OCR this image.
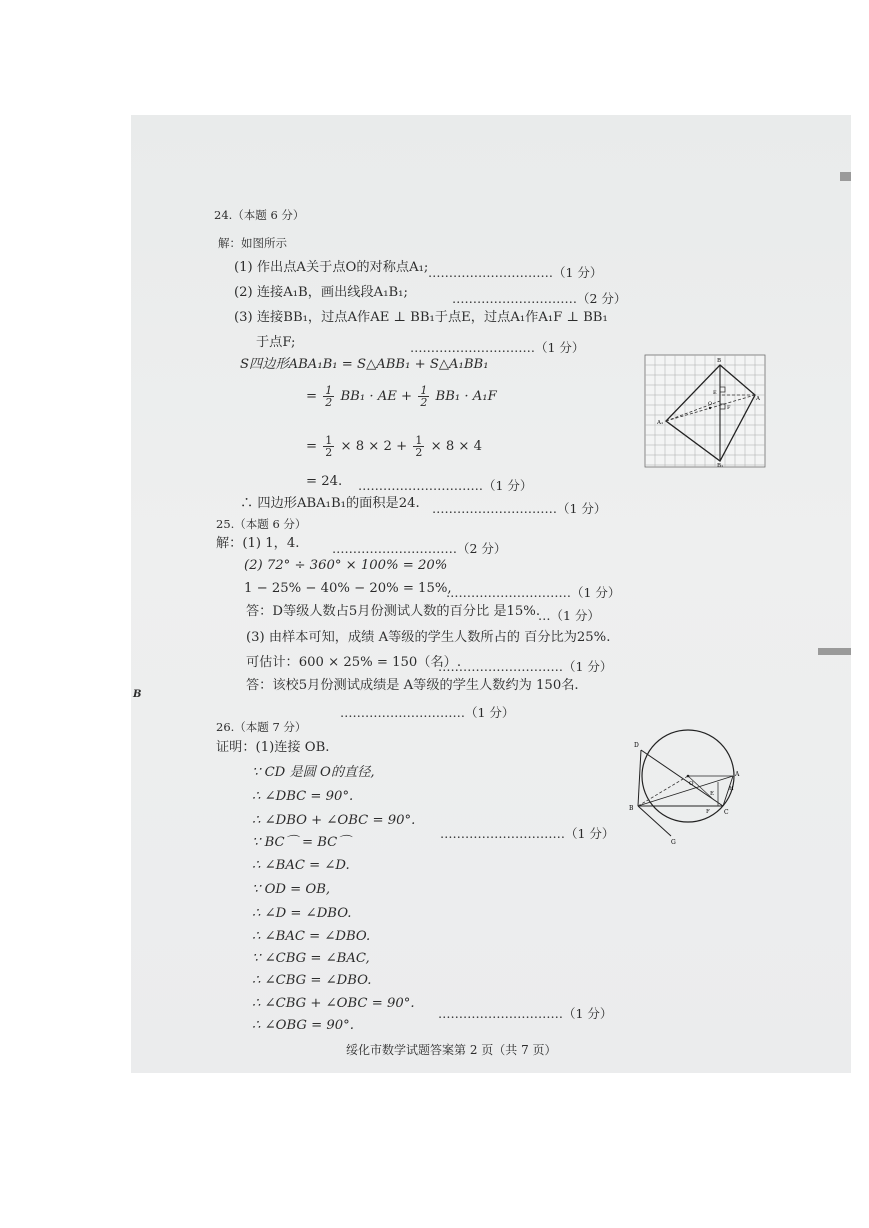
B
24.（本题 6 分）
解：如图所示
(1) 作出点A关于点O的对称点A₁;
(2) 连接A₁B，画出线段A₁B₁;
(3) 连接BB₁，过点A作AE ⊥ BB₁于点E，过点A₁作A₁F ⊥ BB₁
于点F;
…………………………（1 分）
…………………………（2 分）
…………………………（1 分）
S四边形ABA₁B₁ = S△ABB₁ + S△A₁BB₁
= $\frac{1}{2} BB_1$ · AE + $\frac{1}{2} BB_1 \cdot A_1F$
= $\frac{1}{2} \times 8 \times 2 + \frac{1}{2} \times 8 \times 4$
= 24. …………………………（1 分）
∴ 四边形ABA₁B₁的面积是24. …………………………（1 分）
B
A
A₁
B₁
O
E
F
25.（本题 6 分）
解：(1) 1，4.	…………………………（2 分）
(2) 72° ÷ 360° × 100% = 20%
1 − 25% − 40% − 20% = 15%,
…………………………（1 分）
答：D等级人数占5月份测试人数的百分比 是15%.
…（1 分）
(3) 由样本可知，成绩 A等级的学生人数所占的 百分比为25%.
可估计：600 × 25% = 150（名）.
…………………………（1 分）
答：该校5月份测试成绩是 A等级的学生人数约为 150名.
…………………………（1 分）
26.（本题 7 分）
证明：(1)连接 OB.
∵ CD 是圆 O的直径,
∴ ∠DBC = 90°.
∴ ∠DBO + ∠OBC = 90°.
…………………………（1 分）
∵ BC⌒ = BC⌒
∴ ∠BAC = ∠D.
∵ OD = OB,
∴ ∠D = ∠DBO.
∴ ∠BAC = ∠DBO.
∵ ∠CBG = ∠BAC,
∴ ∠CBG = ∠DBO.
∴ ∠CBG + ∠OBC = 90°.
…………………………（1 分）
∴ ∠OBG = 90°.
D
A
B
C
O
G
E
F
H
绥化市数学试题答案第 2 页（共 7 页）
